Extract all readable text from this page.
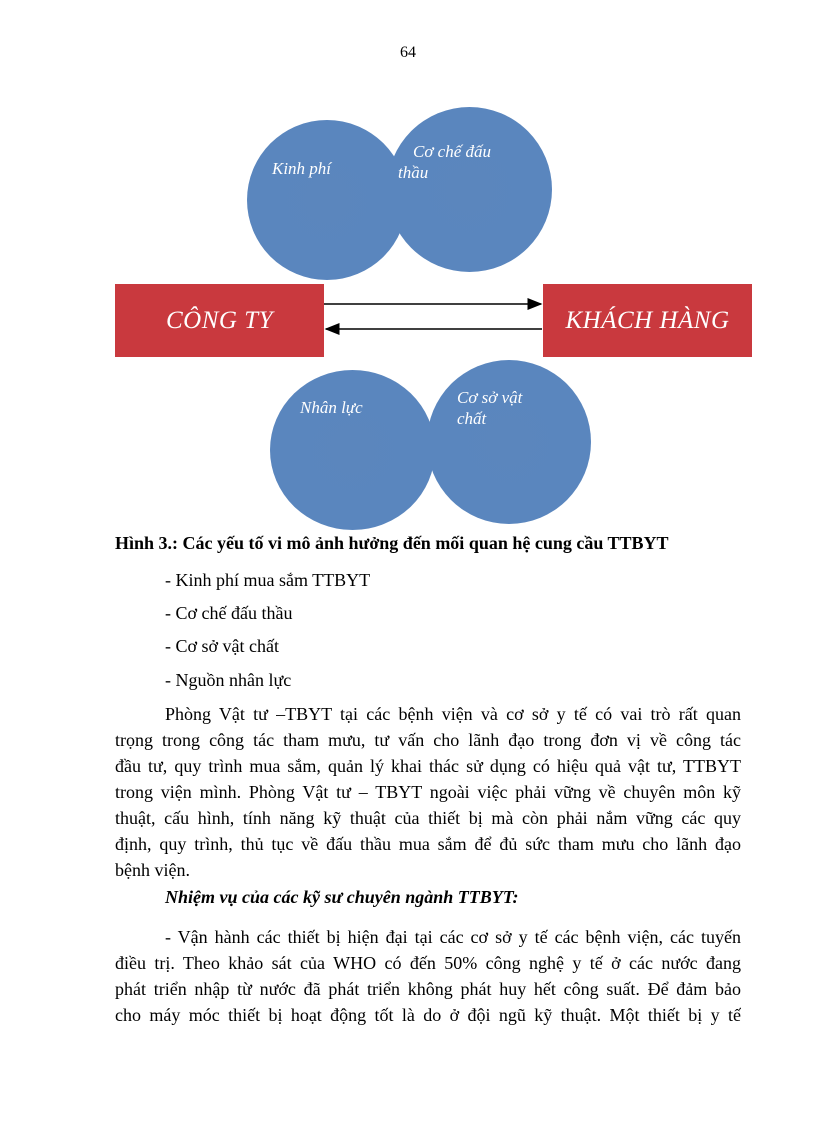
64
Kinh phí
Cơ chế đấu
thầu
CÔNG TY	KHÁCH HÀNG
Nhân lực
Cơ sở vật
chất
Hình 3.: Các yếu tố vi mô ảnh hưởng đến mối quan hệ cung cầu TTBYT
- Kinh phí mua sắm TTBYT
- Cơ chế đấu thầu
- Cơ sở vật chất
- Nguồn nhân lực
Phòng Vật tư –TBYT tại các bệnh viện và cơ sở y tế có vai trò rất quan
trọng trong công tác tham mưu, tư vấn cho lãnh đạo trong đơn vị về công tác
đầu tư, quy trình mua sắm, quản lý khai thác sử dụng có hiệu quả vật tư, TTBYT
trong viện mình. Phòng Vật tư – TBYT ngoài việc phải vững về chuyên môn kỹ
thuật, cấu hình, tính năng kỹ thuật của thiết bị mà còn phải nắm vững các quy
định, quy trình, thủ tục về đấu thầu mua sắm để đủ sức tham mưu cho lãnh đạo
bệnh viện.
Nhiệm vụ của các kỹ sư chuyên ngành TTBYT:
- Vận hành các thiết bị hiện đại tại các cơ sở y tế các bệnh viện, các tuyến
điều trị. Theo khảo sát của WHO có đến 50% công nghệ y tế ở các nước đang
phát triển nhập từ nước đã phát triển không phát huy hết công suất. Để đảm bảo
cho máy móc thiết bị hoạt động tốt là do ở đội ngũ kỹ thuật. Một thiết bị y tế
